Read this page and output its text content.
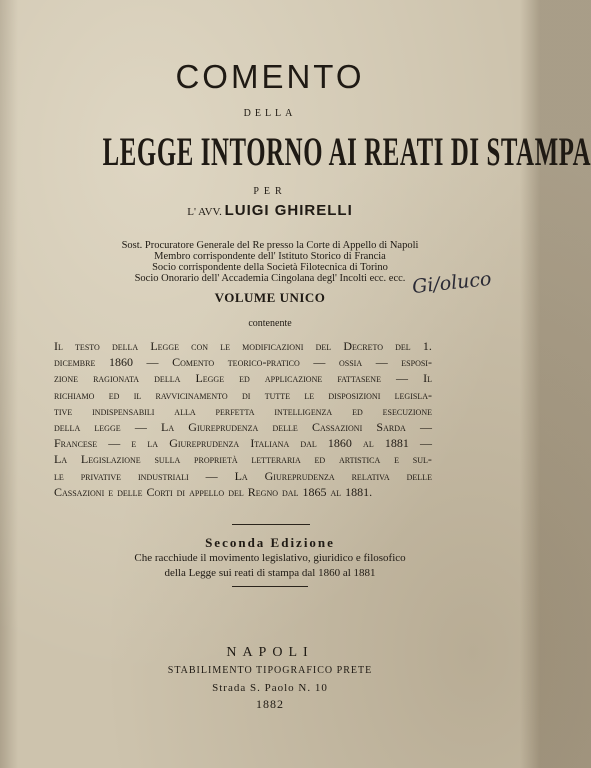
COMENTO
DELLA
LEGGE INTORNO AI REATI DI STAMPA
PER
L' AVV. LUIGI GHIRELLI
Sost. Procuratore Generale del Re presso la Corte di Appello di Napoli
Membro corrispondente dell' Istituto Storico di Francia
Socio corrispondente della Società Filotecnica di Torino
Socio Onorario dell' Accademia Cingolana degl' Incolti ecc. ecc. Gi/oluco
VOLUME UNICO
contenente
Il testo della Legge con le modificazioni del Decreto del 1.
dicembre 1860 — Comento teorico-pratico — ossia — esposi-
zione ragionata della Legge ed applicazione fattasene — Il
richiamo ed il ravvicinamento di tutte le disposizioni legisla-
tive indispensabili alla perfetta intelligenza ed esecuzione
della legge — La Giureprudenza delle Cassazioni Sarda —
Francese — e la Giureprudenza Italiana dal 1860 al 1881 —
La Legislazione sulla proprietà letteraria ed artistica e sul-
le privative industriali — La Giureprudenza relativa delle
Cassazioni e delle Corti di appello del Regno dal 1865 al 1881.
Seconda Edizione
Che racchiude il movimento legislativo, giuridico e filosofico
della Legge sui reati di stampa dal 1860 al 1881
NAPOLI
STABILIMENTO TIPOGRAFICO PRETE
Strada S. Paolo N. 10
1882
